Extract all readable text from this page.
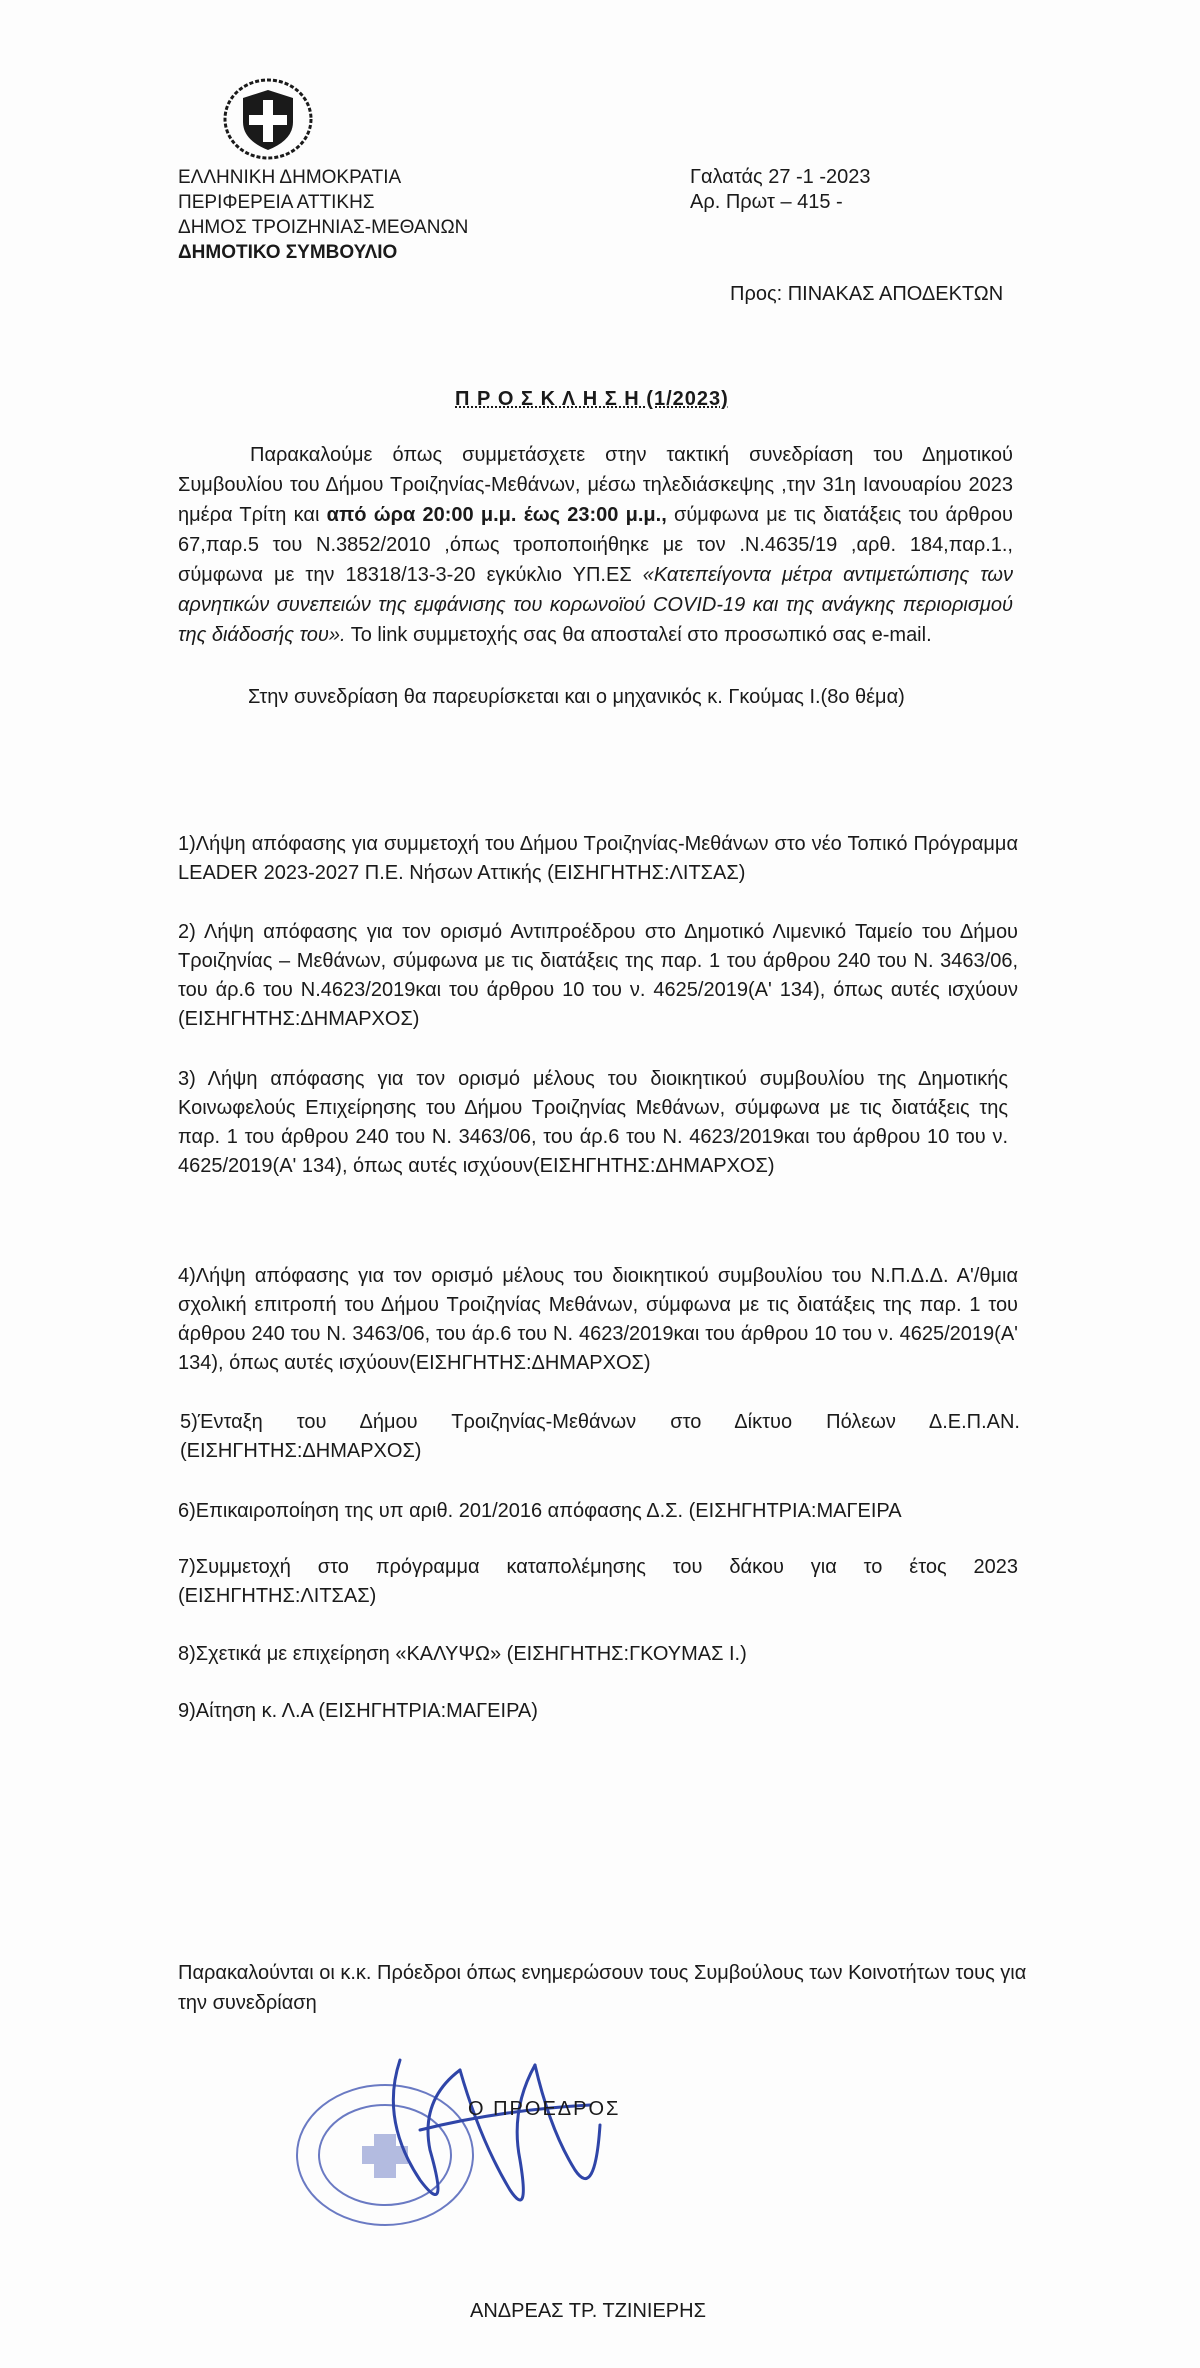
ΕΛΛΗΝΙΚΗ ΔΗΜΟΚΡΑΤΙΑ
ΠΕΡΙΦΕΡΕΙΑ ΑΤΤΙΚΗΣ
ΔΗΜΟΣ ΤΡΟΙΖΗΝΙΑΣ-ΜΕΘΑΝΩΝ
ΔΗΜΟΤΙΚΟ ΣΥΜΒΟΥΛΙΟ
Γαλατάς 27 -1 -2023
Αρ. Πρωτ – 415 -
Προς: ΠΙΝΑΚΑΣ ΑΠΟΔΕΚΤΩΝ
Π Ρ Ο Σ Κ Λ Η Σ Η (1/2023)
Παρακαλούμε όπως συμμετάσχετε στην τακτική συνεδρίαση του Δημοτικού Συμβουλίου του Δήμου Τροιζηνίας-Μεθάνων, μέσω τηλεδιάσκεψης ,την 31η Ιανουαρίου 2023 ημέρα Τρίτη και από ώρα 20:00 μ.μ. έως 23:00 μ.μ., σύμφωνα με τις διατάξεις του άρθρου 67,παρ.5 του Ν.3852/2010 ,όπως τροποποιήθηκε με τον .Ν.4635/19 ,αρθ. 184,παρ.1., σύμφωνα με την 18318/13-3-20 εγκύκλιο ΥΠ.ΕΣ «Κατεπείγοντα μέτρα αντιμετώπισης των αρνητικών συνεπειών της εμφάνισης του κορωνοϊού COVID-19 και της ανάγκης περιορισμού της διάδοσής του». Το link συμμετοχής σας θα αποσταλεί στο προσωπικό σας e-mail.
Στην συνεδρίαση θα παρευρίσκεται και ο μηχανικός κ. Γκούμας Ι.(8ο θέμα)
1)Λήψη απόφασης για συμμετοχή του Δήμου Τροιζηνίας-Μεθάνων στο νέο Τοπικό Πρόγραμμα LEADER 2023-2027 Π.Ε. Νήσων Αττικής (ΕΙΣΗΓΗΤΗΣ:ΛΙΤΣΑΣ)
2) Λήψη απόφασης για τον ορισμό Αντιπροέδρου στο Δημοτικό Λιμενικό Ταμείο του Δήμου Τροιζηνίας – Μεθάνων, σύμφωνα με τις διατάξεις της παρ. 1 του άρθρου 240 του Ν. 3463/06, του άρ.6 του Ν.4623/2019και του άρθρου 10 του ν. 4625/2019(Α' 134), όπως αυτές ισχύουν (ΕΙΣΗΓΗΤΗΣ:ΔΗΜΑΡΧΟΣ)
3) Λήψη απόφασης για τον ορισμό μέλους του διοικητικού συμβουλίου της Δημοτικής Κοινωφελούς Επιχείρησης του Δήμου Τροιζηνίας Μεθάνων, σύμφωνα με τις διατάξεις της παρ. 1 του άρθρου 240 του Ν. 3463/06, του άρ.6 του Ν. 4623/2019και του άρθρου 10 του ν. 4625/2019(Α' 134), όπως αυτές ισχύουν(ΕΙΣΗΓΗΤΗΣ:ΔΗΜΑΡΧΟΣ)
4)Λήψη απόφασης για τον ορισμό μέλους του διοικητικού συμβουλίου του Ν.Π.Δ.Δ. Α'/θμια σχολική επιτροπή του Δήμου Τροιζηνίας Μεθάνων, σύμφωνα με τις διατάξεις της παρ. 1 του άρθρου 240 του Ν. 3463/06, του άρ.6 του Ν. 4623/2019και του άρθρου 10 του ν. 4625/2019(Α' 134), όπως αυτές ισχύουν(ΕΙΣΗΓΗΤΗΣ:ΔΗΜΑΡΧΟΣ)
5)Ένταξη του Δήμου Τροιζηνίας-Μεθάνων στο Δίκτυο Πόλεων Δ.Ε.Π.ΑΝ. (ΕΙΣΗΓΗΤΗΣ:ΔΗΜΑΡΧΟΣ)
6)Επικαιροποίηση της υπ αριθ. 201/2016 απόφασης Δ.Σ. (ΕΙΣΗΓΗΤΡΙΑ:ΜΑΓΕΙΡΑ
7)Συμμετοχή στο πρόγραμμα καταπολέμησης του δάκου για το έτος 2023 (ΕΙΣΗΓΗΤΗΣ:ΛΙΤΣΑΣ)
8)Σχετικά με επιχείρηση «ΚΑΛΥΨΩ» (ΕΙΣΗΓΗΤΗΣ:ΓΚΟΥΜΑΣ Ι.)
9)Αίτηση κ. Λ.Α (ΕΙΣΗΓΗΤΡΙΑ:ΜΑΓΕΙΡΑ)
Παρακαλούνται οι κ.κ. Πρόεδροι όπως ενημερώσουν τους Συμβούλους των Κοινοτήτων τους για την συνεδρίαση
Ο ΠΡΟΕΔΡΟΣ
ΑΝΔΡΕΑΣ ΤΡ. ΤΖΙΝΙΕΡΗΣ
